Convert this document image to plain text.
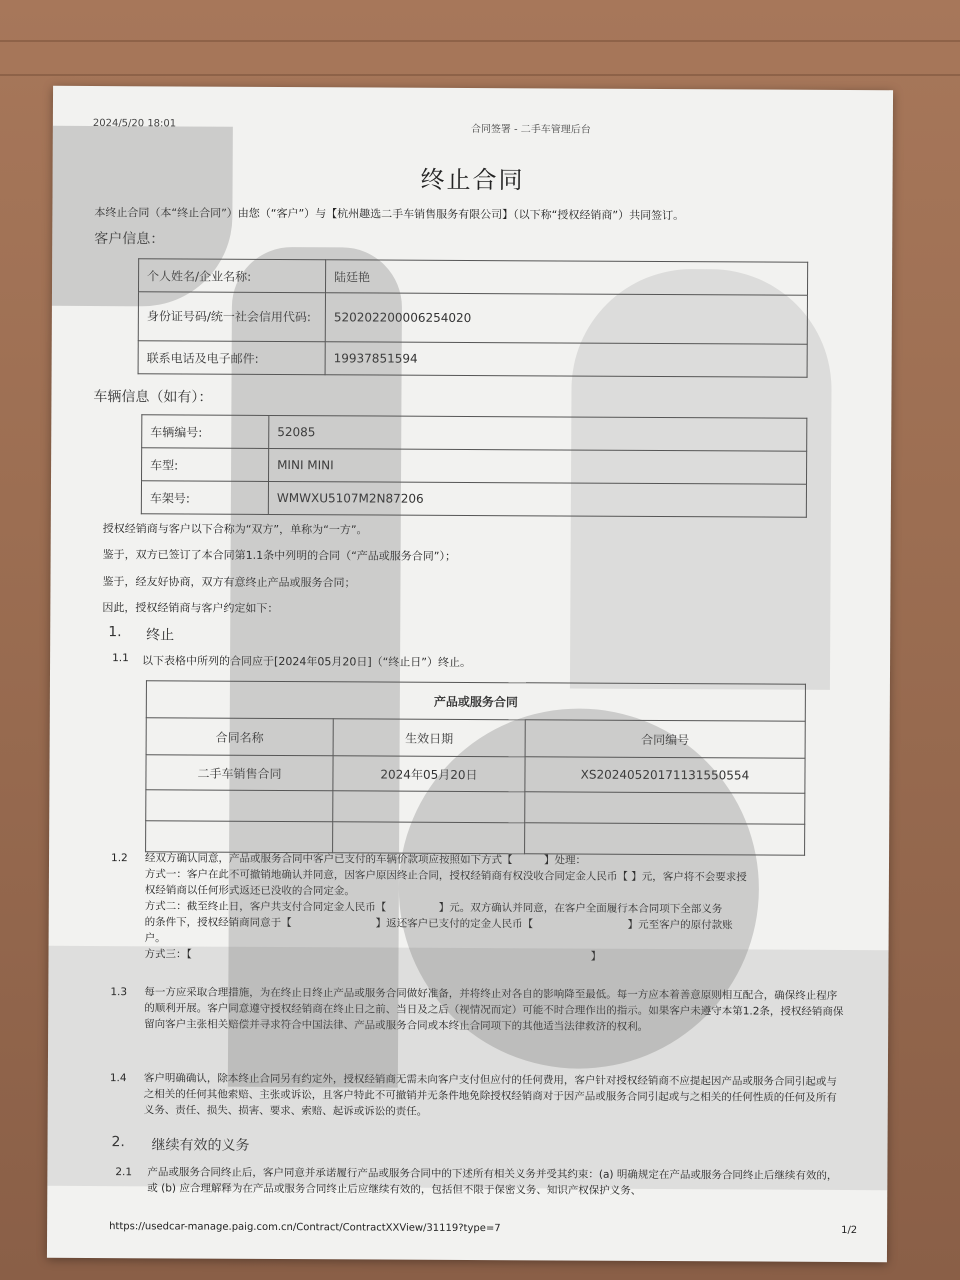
2024/5/20 18:01
合同签署 - 二手车管理后台
终止合同
本终止合同（本“终止合同”）由您（“客户”）与【杭州趣选二手车销售服务有限公司】（以下称“授权经销商”）共同签订。
客户信息：
个人姓名/企业名称:	陆廷艳
身份证号码/统一社会信用代码:	520202200006254020
联系电话及电子邮件:	19937851594
车辆信息（如有）：
车辆编号:	52085
车型:	MINI MINI
车架号:	WMWXU5107M2N87206
授权经销商与客户以下合称为“双方”，单称为“一方”。
鉴于，双方已签订了本合同第1.1条中列明的合同（“产品或服务合同”）；
鉴于，经友好协商，双方有意终止产品或服务合同；
因此，授权经销商与客户约定如下：
1. 终止
1.1 以下表格中所列的合同应于[2024年05月20日]（“终止日”）终止。
产品或服务合同		
合同名称	生效日期	合同编号
二手车销售合同	2024年05月20日	XS20240520171131550554

1.2 经双方确认同意，产品或服务合同中客户已支付的车辆价款项应按照如下方式【　　　】处理：
方式一：客户在此不可撤销地确认并同意，因客户原因终止合同，授权经销商有权没收合同定金人民币【 】元，客户将不会要求授
权经销商以任何形式返还已没收的合同定金。
方式二：截至终止日，客户共支付合同定金人民币【　　　　　】元。双方确认并同意，在客户全面履行本合同项下全部义务
的条件下，授权经销商同意于【　　　　　　　　】返还客户已支付的定金人民币【　　　　　　　　　】元至客户的原付款账
户。
方式三：【　　　　　　　　　　　　　　　　　　　　　　　　　　　　　　　　　　　　　　】
1.3 每一方应采取合理措施，为在终止日终止产品或服务合同做好准备，并将终止对各自的影响降至最低。每一方应本着善意原则相互配合，确保终止程序的顺利开展。客户同意遵守授权经销商在终止日之前、当日及之后（视情况而定）可能不时合理作出的指示。如果客户未遵守本第1.2条，授权经销商保留向客户主张相关赔偿并寻求符合中国法律、产品或服务合同或本终止合同项下的其他适当法律救济的权利。
1.4 客户明确确认，除本终止合同另有约定外，授权经销商无需未向客户支付但应付的任何费用，客户针对授权经销商不应提起因产品或服务合同引起或与之相关的任何其他索赔、主张或诉讼，且客户特此不可撤销并无条件地免除授权经销商对于因产品或服务合同引起或与之相关的任何性质的任何及所有义务、责任、损失、损害、要求、索赔、起诉或诉讼的责任。
2. 继续有效的义务
2.1 产品或服务合同终止后，客户同意并承诺履行产品或服务合同中的下述所有相关义务并受其约束：(a) 明确规定在产品或服务合同终止后继续有效的，或 (b) 应合理解释为在产品或服务合同终止后应继续有效的，包括但不限于保密义务、知识产权保护义务、
https://usedcar-manage.paig.com.cn/Contract/ContractXXView/31119?type=7	1/2
